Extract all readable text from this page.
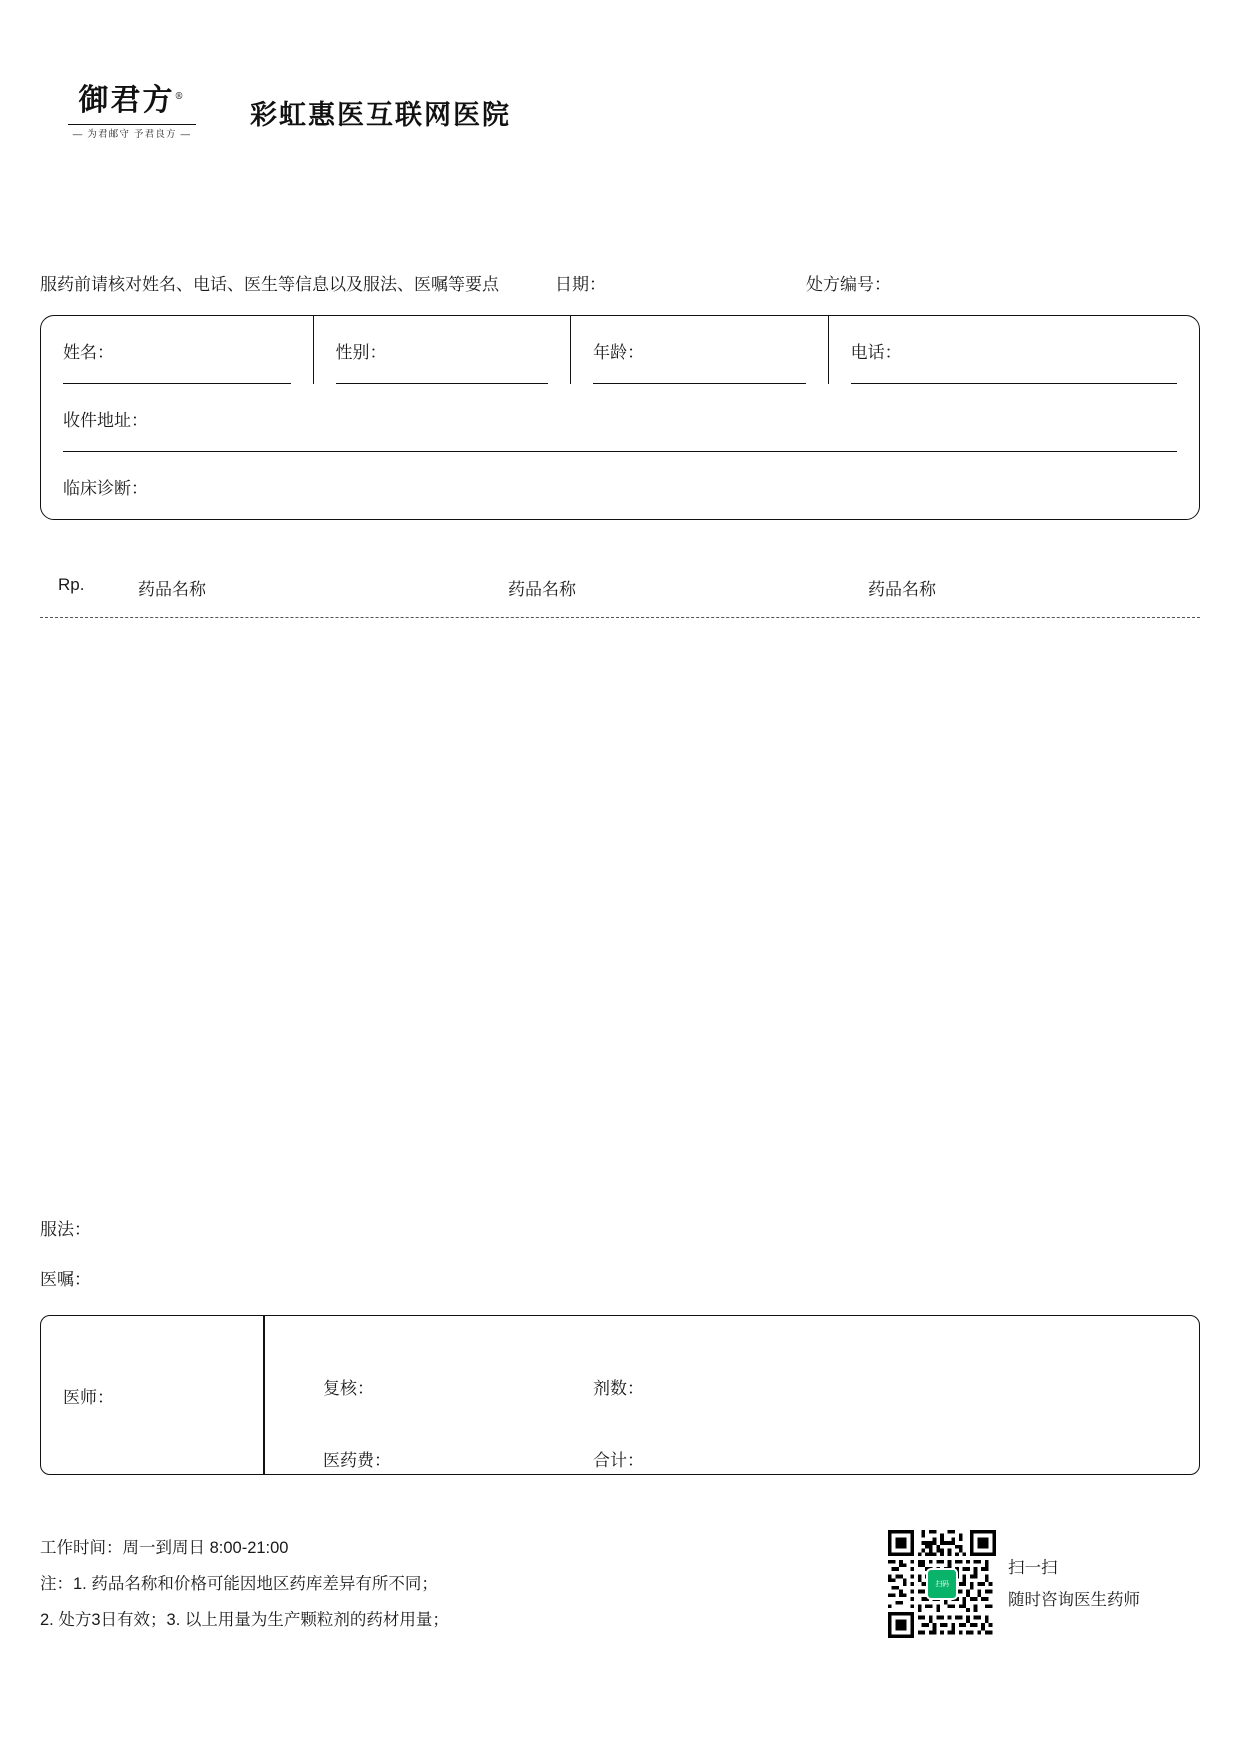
御君方®
— 为君邮守 予君良方 —
彩虹惠医互联网医院
服药前请核对姓名、电话、医生等信息以及服法、医嘱等要点	日期：	处方编号：
姓名：	性别：	年龄：	电话：
收件地址：
临床诊断：
Rp.	药品名称	药品名称	药品名称
服法：
医嘱：
医师：	复核：	剂数：
医药费：	合计：
工作时间：周一到周日 8:00-21:00
注：1. 药品名称和价格可能因地区药库差异有所不同；
2. 处方3日有效；3. 以上用量为生产颗粒剂的药材用量；
扫码
扫一扫
随时咨询医生药师
